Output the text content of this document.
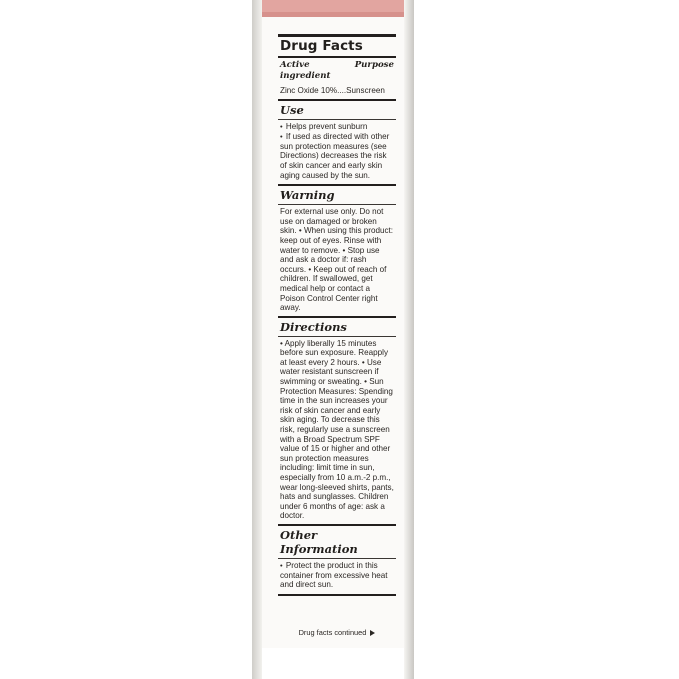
Drug Facts
Active ingredient
Purpose
Zinc Oxide 10%....Sunscreen
Use
• Helps prevent sunburn
• If used as directed with other sun protection measures (see Directions) decreases the risk of skin cancer and early skin aging caused by the sun.
Warning
For external use only. Do not use on damaged or broken skin. • When using this product: keep out of eyes. Rinse with water to remove. • Stop use and ask a doctor if: rash occurs. • Keep out of reach of children. If swallowed, get medical help or contact a Poison Control Center right away.
Directions
• Apply liberally 15 minutes before sun exposure. Reapply at least every 2 hours. • Use water resistant sunscreen if swimming or sweating. • Sun Protection Measures: Spending time in the sun increases your risk of skin cancer and early skin aging. To decrease this risk, regularly use a sunscreen with a Broad Spectrum SPF value of 15 or higher and other sun protection measures including: limit time in sun, especially from 10 a.m.-2 p.m., wear long-sleeved shirts, pants, hats and sunglasses. Children under 6 months of age: ask a doctor.
Other Information
• Protect the product in this container from excessive heat and direct sun.
Drug facts continued
